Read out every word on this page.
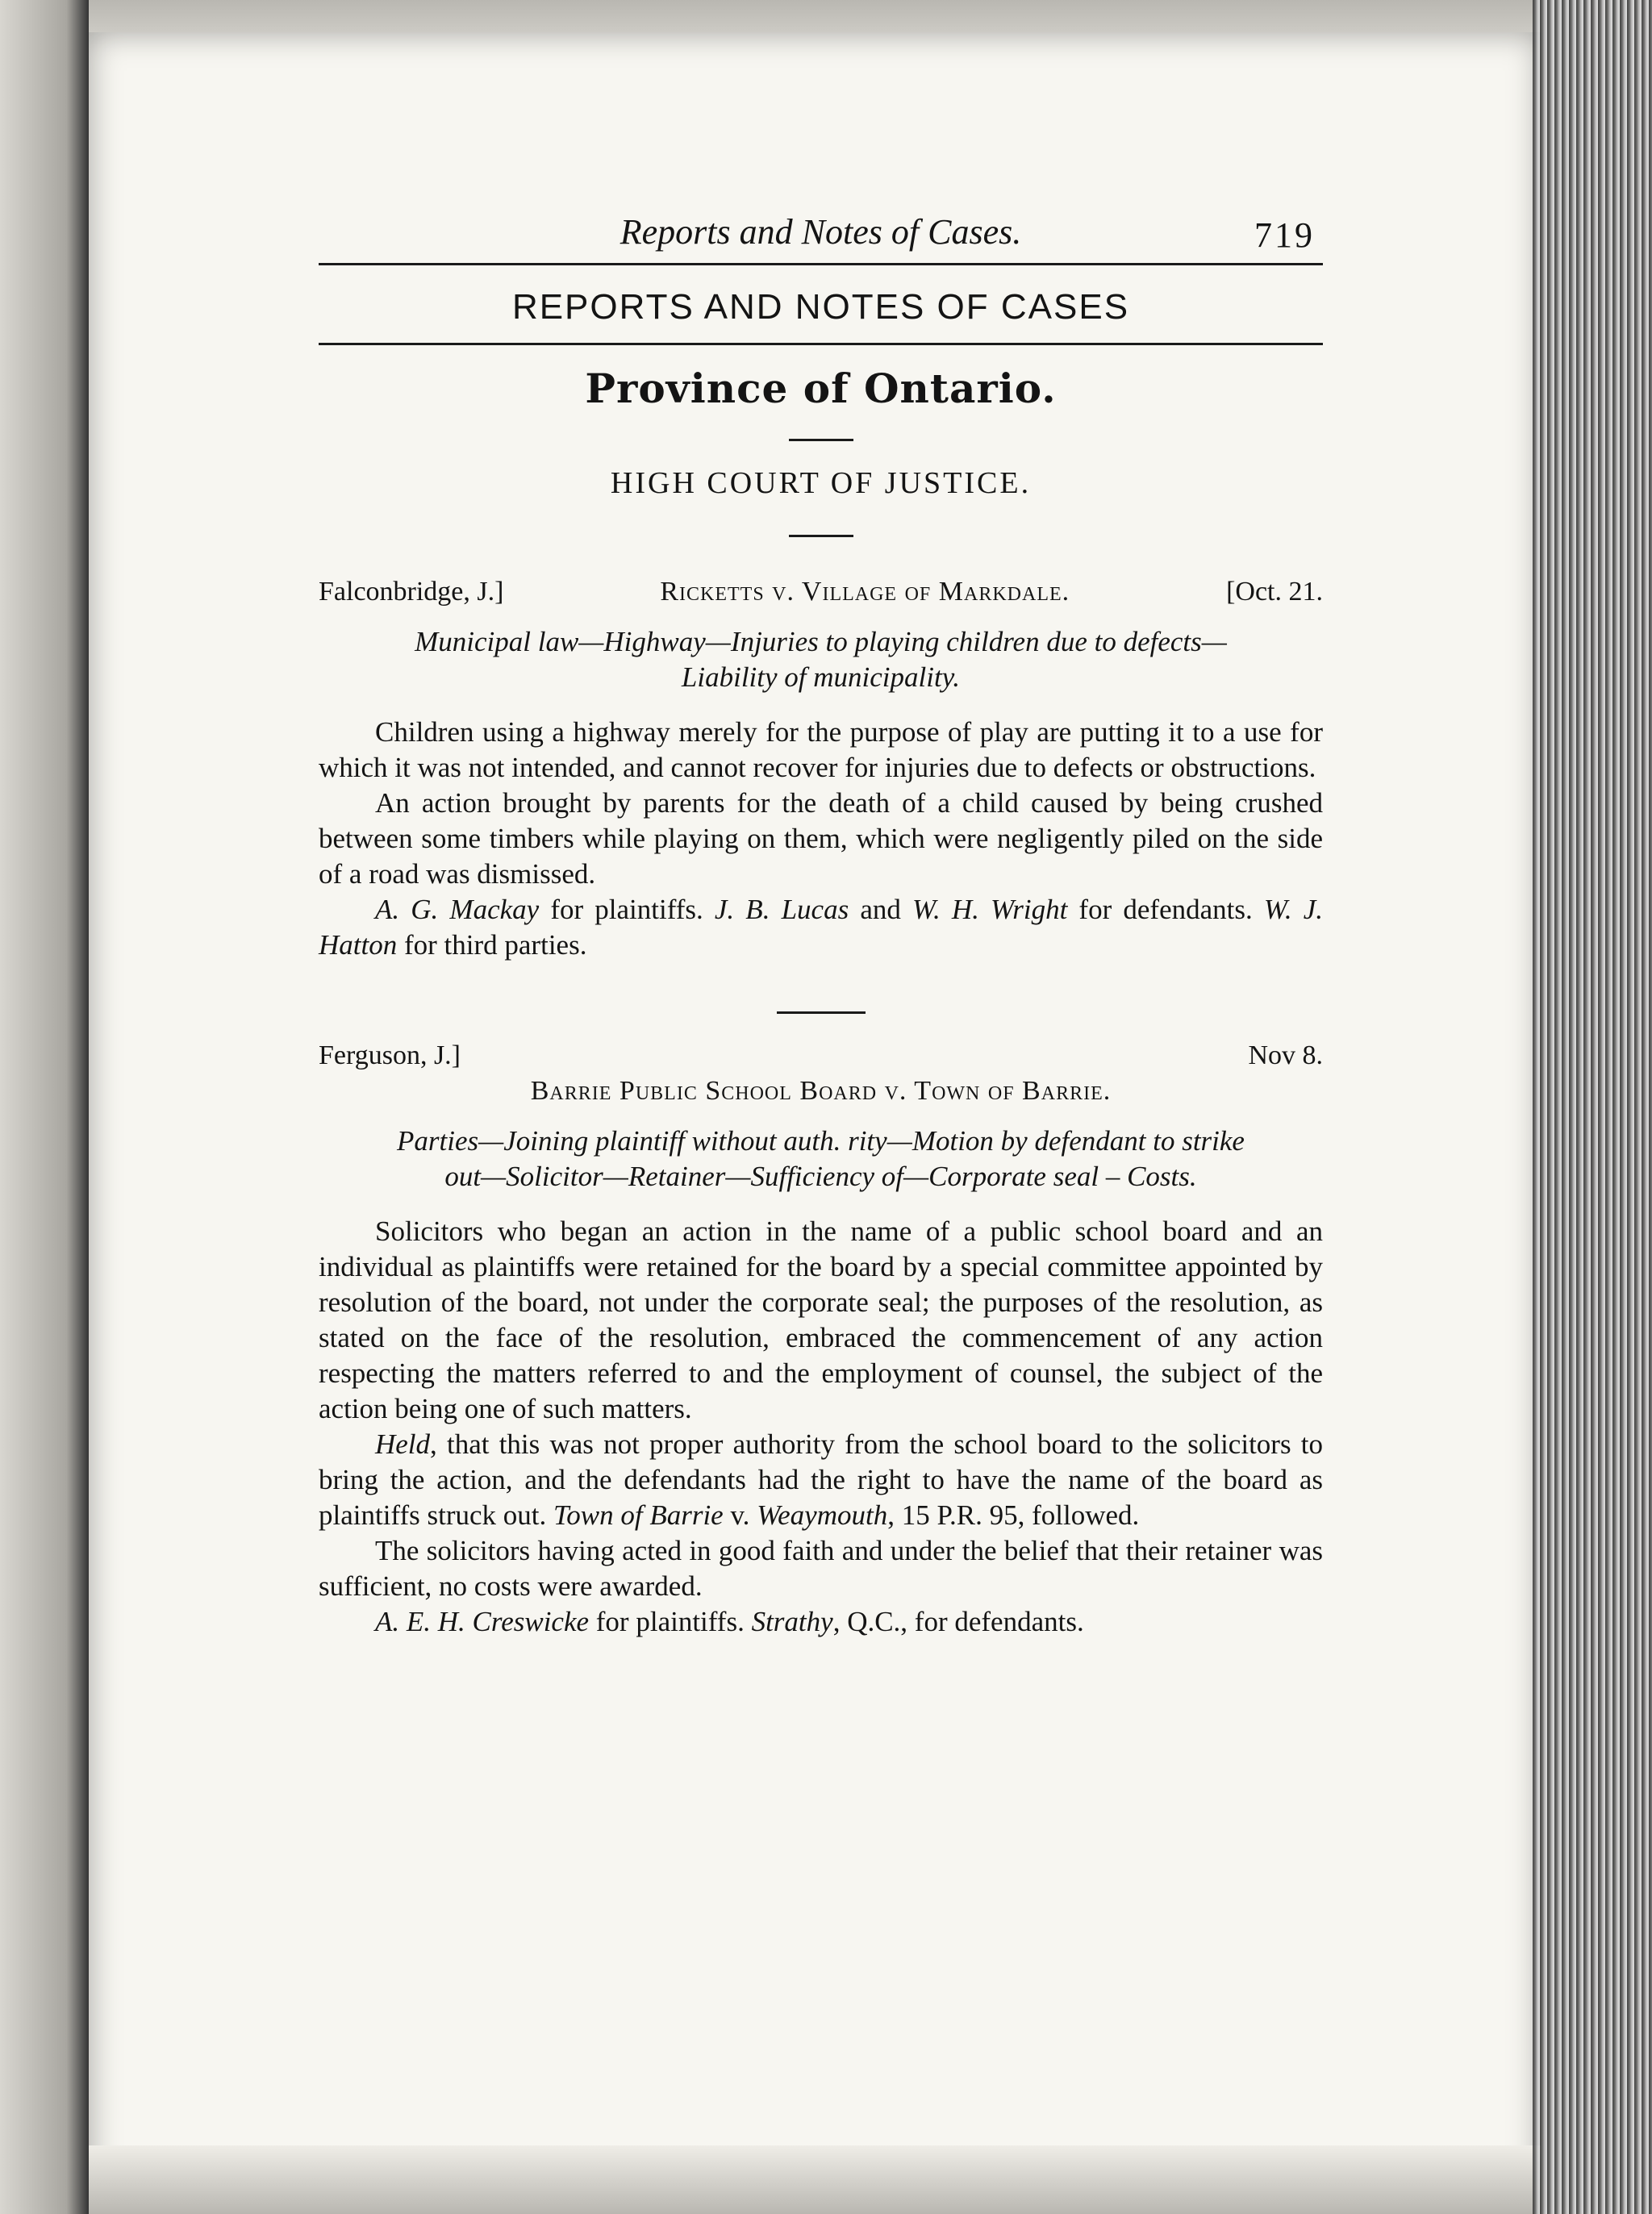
Reports and Notes of Cases.	719
REPORTS AND NOTES OF CASES
Province of Ontario.
HIGH COURT OF JUSTICE.
Falconbridge, J.]	Ricketts v. Village of Markdale.	[Oct. 21.
Municipal law—Highway—Injuries to playing children due to defects—
Liability of municipality.

Children using a highway merely for the purpose of play are putting it to a use for which it was not intended, and cannot recover for injuries due to defects or obstructions.

An action brought by parents for the death of a child caused by being crushed between some timbers while playing on them, which were negligently piled on the side of a road was dismissed.

A. G. Mackay for plaintiffs. J. B. Lucas and W. H. Wright for defendants. W. J. Hatton for third parties.

Ferguson, J.]	Nov 8.
Barrie Public School Board v. Town of Barrie.
Parties—Joining plaintiff without auth. rity—Motion by defendant to strike
out—Solicitor—Retainer—Sufficiency of—Corporate seal – Costs.

Solicitors who began an action in the name of a public school board and an individual as plaintiffs were retained for the board by a special committee appointed by resolution of the board, not under the corporate seal; the purposes of the resolution, as stated on the face of the resolution, embraced the commencement of any action respecting the matters referred to and the employment of counsel, the subject of the action being one of such matters.

Held, that this was not proper authority from the school board to the solicitors to bring the action, and the defendants had the right to have the name of the board as plaintiffs struck out. Town of Barrie v. Weaymouth, 15 P.R. 95, followed.

The solicitors having acted in good faith and under the belief that their retainer was sufficient, no costs were awarded.

A. E. H. Creswicke for plaintiffs. Strathy, Q.C., for defendants.
